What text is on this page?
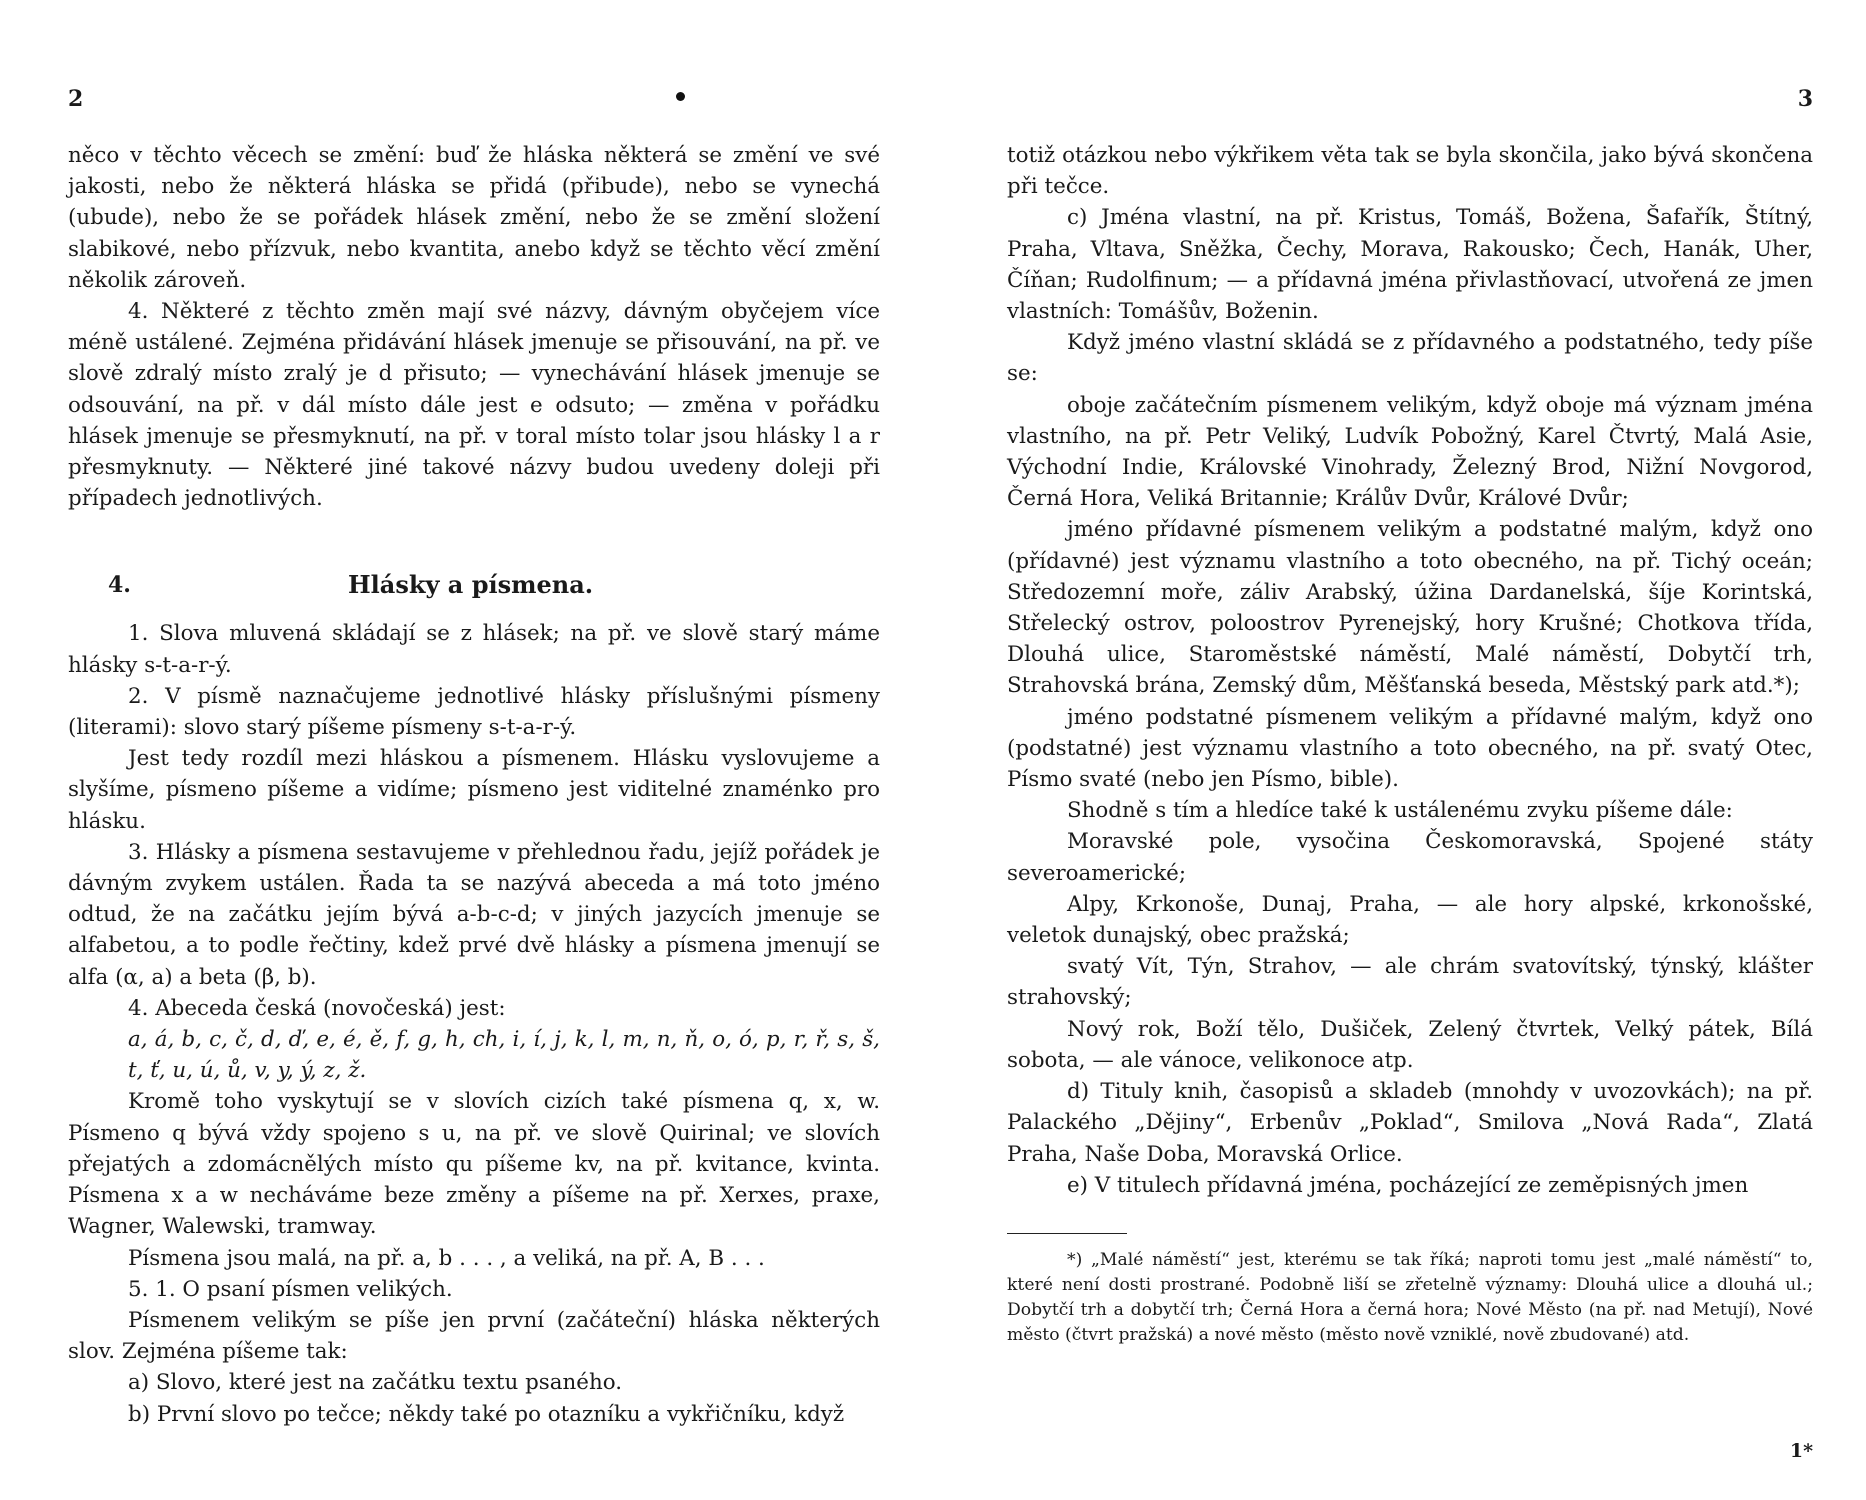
2

něco v těchto věcech se změní: buď že hláska některá se změní ve své jakosti, nebo že některá hláska se přidá (přibude), nebo se vynechá (ubude), nebo že se pořádek hlásek změní, nebo že se změní složení slabikové, nebo přízvuk, nebo kvantita, anebo když se těchto věcí změní několik zároveň.

4. Některé z těchto změn mají své názvy, dávným obyčejem více méně ustálené. Zejména přidávání hlásek jmenuje se přisouvání, na př. ve slově zdralý místo zralý je d přisuto; — vynechávání hlásek jmenuje se odsouvání, na př. v dál místo dále jest e odsuto; — změna v pořádku hlásek jmenuje se přesmyknutí, na př. v toral místo tolar jsou hlásky l a r přesmyknuty. — Některé jiné takové názvy budou uvedeny doleji při případech jednotlivých.

4.	Hlásky a písmena.

1. Slova mluvená skládají se z hlásek; na př. ve slově starý máme hlásky s-t-a-r-ý.

2. V písmě naznačujeme jednotlivé hlásky příslušnými písmeny (literami): slovo starý píšeme písmeny s-t-a-r-ý.

Jest tedy rozdíl mezi hláskou a písmenem. Hlásku vyslovujeme a slyšíme, písmeno píšeme a vidíme; písmeno jest viditelné znaménko pro hlásku.

3. Hlásky a písmena sestavujeme v přehlednou řadu, jejíž pořádek je dávným zvykem ustálen. Řada ta se nazývá abeceda a má toto jméno odtud, že na začátku jejím bývá a-b-c-d; v jiných jazycích jmenuje se alfabetou, a to podle řečtiny, kdež prvé dvě hlásky a písmena jmenují se alfa (α, a) a beta (β, b).

4. Abeceda česká (novočeská) jest:

a, á, b, c, č, d, ď, e, é, ě, f, g, h, ch, i, í, j, k, l, m, n, ň, o, ó, p, r, ř, s, š, t, ť, u, ú, ů, v, y, ý, z, ž.

Kromě toho vyskytují se v slovích cizích také písmena q, x, w. Písmeno q bývá vždy spojeno s u, na př. ve slově Quirinal; ve slovích přejatých a zdomácnělých místo qu píšeme kv, na př. kvitance, kvinta. Písmena x a w necháváme beze změny a píšeme na př. Xerxes, praxe, Wagner, Walewski, tramway.

Písmena jsou malá, na př. a, b . . . , a veliká, na př. A, B . . .

5. 1. O psaní písmen velikých.

Písmenem velikým se píše jen první (začáteční) hláska některých slov. Zejména píšeme tak:

a) Slovo, které jest na začátku textu psaného.

b) První slovo po tečce; někdy také po otazníku a vykřičníku, když

3

totiž otázkou nebo výkřikem věta tak se byla skončila, jako bývá skončena při tečce.

c) Jména vlastní, na př. Kristus, Tomáš, Božena, Šafařík, Štítný, Praha, Vltava, Sněžka, Čechy, Morava, Rakousko; Čech, Hanák, Uher, Číňan; Rudolfinum; — a přídavná jména přivlastňovací, utvořená ze jmen vlastních: Tomášův, Boženin.

Když jméno vlastní skládá se z přídavného a podstatného, tedy píše se:

oboje začátečním písmenem velikým, když oboje má význam jména vlastního, na př. Petr Veliký, Ludvík Pobožný, Karel Čtvrtý, Malá Asie, Východní Indie, Královské Vinohrady, Železný Brod, Nižní Novgorod, Černá Hora, Veliká Britannie; Králův Dvůr, Králové Dvůr;

jméno přídavné písmenem velikým a podstatné malým, když ono (přídavné) jest významu vlastního a toto obecného, na př. Tichý oceán; Středozemní moře, záliv Arabský, úžina Dardanelská, šíje Korintská, Střelecký ostrov, poloostrov Pyrenejský, hory Krušné; Chotkova třída, Dlouhá ulice, Staroměstské náměstí, Malé náměstí, Dobytčí trh, Strahovská brána, Zemský dům, Měšťanská beseda, Městský park atd.*);

jméno podstatné písmenem velikým a přídavné malým, když ono (podstatné) jest významu vlastního a toto obecného, na př. svatý Otec, Písmo svaté (nebo jen Písmo, bible).

Shodně s tím a hledíce také k ustálenému zvyku píšeme dále:

Moravské pole, vysočina Českomoravská, Spojené státy severoamerické;

Alpy, Krkonoše, Dunaj, Praha, — ale hory alpské, krkonošské, veletok dunajský, obec pražská;

svatý Vít, Týn, Strahov, — ale chrám svatovítský, týnský, klášter strahovský;

Nový rok, Boží tělo, Dušiček, Zelený čtvrtek, Velký pátek, Bílá sobota, — ale vánoce, velikonoce atp.

d) Tituly knih, časopisů a skladeb (mnohdy v uvozovkách); na př. Palackého „Dějiny“, Erbenův „Poklad“, Smilova „Nová Rada“, Zlatá Praha, Naše Doba, Moravská Orlice.

e) V titulech přídavná jména, pocházející ze zeměpisných jmen

*) „Malé náměstí“ jest, kterému se tak říká; naproti tomu jest „malé náměstí“ to, které není dosti prostrané. Podobně liší se zřetelně významy: Dlouhá ulice a dlouhá ul.; Dobytčí trh a dobytčí trh; Černá Hora a černá hora; Nové Město (na př. nad Metují), Nové město (čtvrt pražská) a nové město (město nově vzniklé, nově zbudované) atd.

1*
